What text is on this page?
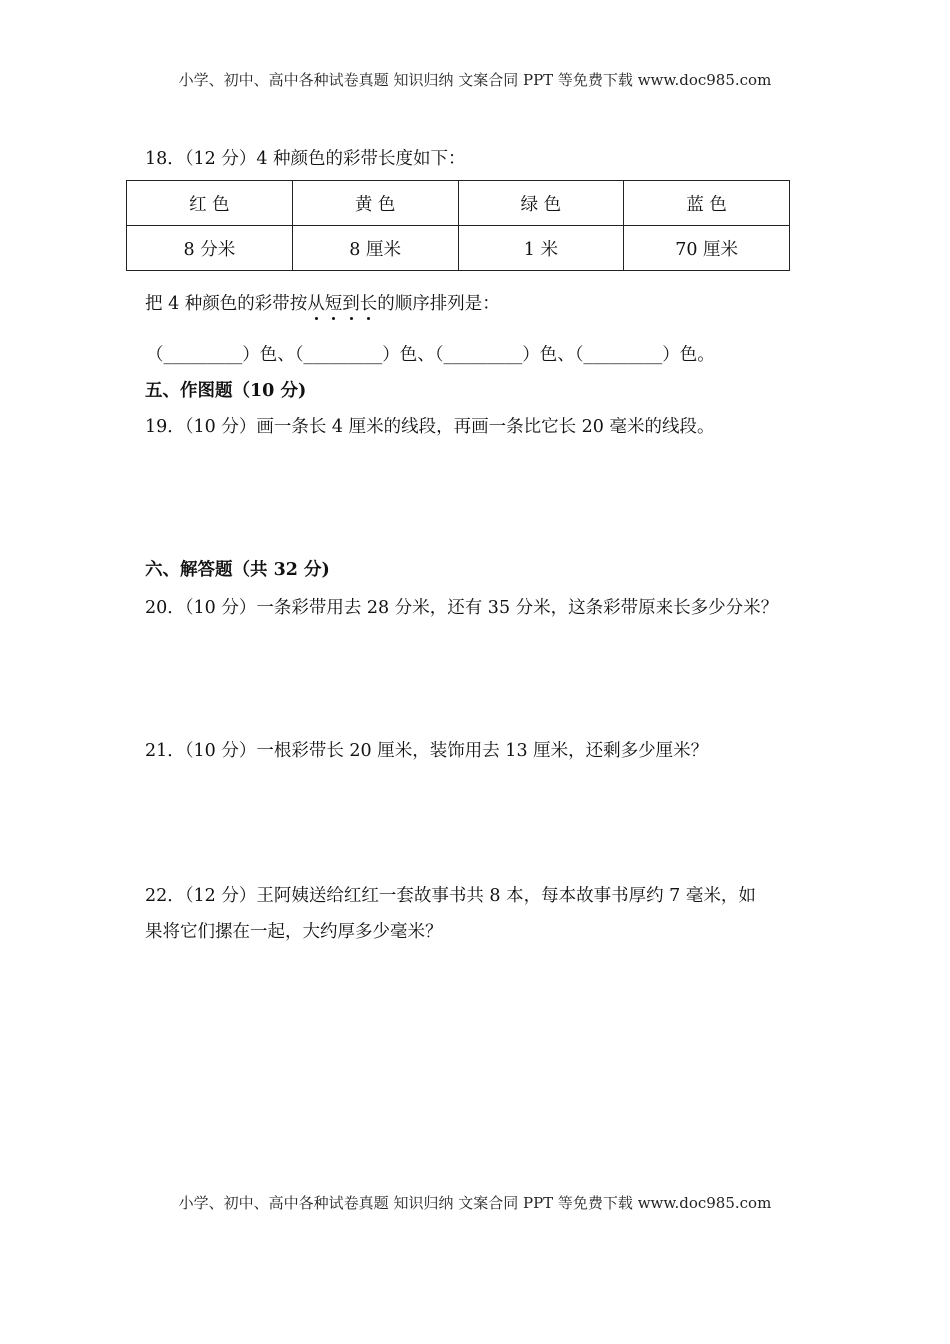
小学、初中、高中各种试卷真题 知识归纳 文案合同 PPT 等免费下载 www.doc985.com
18．（12 分）4 种颜色的彩带长度如下：
红 色	黄 色	绿 色	蓝 色
8 分米	8 厘米	1 米	70 厘米
把 4 种颜色的彩带按从短到长的顺序排列是：
（_________）色、（_________）色、（_________）色、（_________）色。
五、作图题（10 分)
19．（10 分）画一条长 4 厘米的线段，再画一条比它长 20 毫米的线段。
六、解答题（共 32 分)
20．（10 分）一条彩带用去 28 分米，还有 35 分米，这条彩带原来长多少分米？
21．（10 分）一根彩带长 20 厘米，装饰用去 13 厘米，还剩多少厘米？
22．（12 分）王阿姨送给红红一套故事书共 8 本，每本故事书厚约 7 毫米，如
果将它们摞在一起，大约厚多少毫米？
小学、初中、高中各种试卷真题 知识归纳 文案合同 PPT 等免费下载 www.doc985.com
